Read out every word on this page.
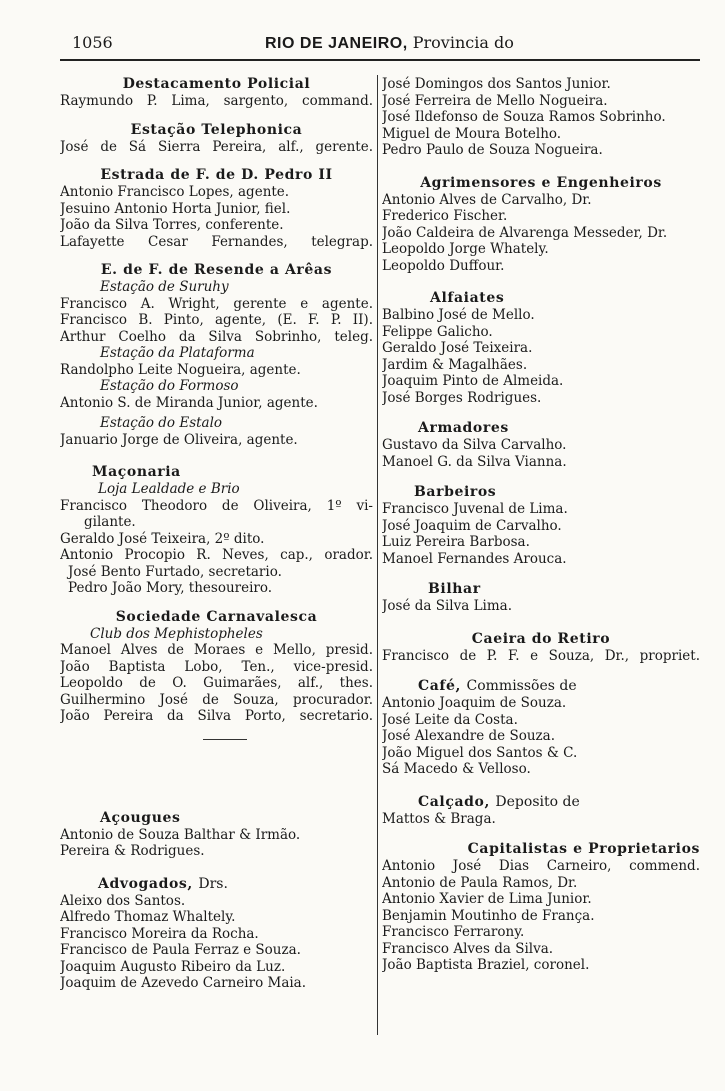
1056	RIO DE JANEIRO, Provincia do
Destacamento Policial
Raymundo P. Lima, sargento, command.
Estação Telephonica
José de Sá Sierra Pereira, alf., gerente.
Estrada de F. de D. Pedro II
Antonio Francisco Lopes, agente.
Jesuino Antonio Horta Junior, fiel.
João da Silva Torres, conferente.
Lafayette Cesar Fernandes, telegrap.
E. de F. de Resende a Arêas
Estação de Suruhy
Francisco A. Wright, gerente e agente.
Francisco B. Pinto, agente, (E. F. P. II).
Arthur Coelho da Silva Sobrinho, teleg.
Estação da Plataforma
Randolpho Leite Nogueira, agente.
Estação do Formoso
Antonio S. de Miranda Junior, agente.
Estação do Estalo
Januario Jorge de Oliveira, agente.
Maçonaria
Loja Lealdade e Brio
Francisco Theodoro de Oliveira, 1º vi-
gilante.
Geraldo José Teixeira, 2º dito.
Antonio Procopio R. Neves, cap., orador.
José Bento Furtado, secretario.
Pedro João Mory, thesoureiro.
Sociedade Carnavalesca
Club dos Mephistopheles
Manoel Alves de Moraes e Mello, presid.
João Baptista Lobo, Ten., vice-presid.
Leopoldo de O. Guimarães, alf., thes.
Guilhermino José de Souza, procurador.
João Pereira da Silva Porto, secretario.
Açougues
Antonio de Souza Balthar & Irmão.
Pereira & Rodrigues.
Advogados, Drs.
Aleixo dos Santos.
Alfredo Thomaz Whaltely.
Francisco Moreira da Rocha.
Francisco de Paula Ferraz e Souza.
Joaquim Augusto Ribeiro da Luz.
Joaquim de Azevedo Carneiro Maia.
José Domingos dos Santos Junior.
José Ferreira de Mello Nogueira.
José Ildefonso de Souza Ramos Sobrinho.
Miguel de Moura Botelho.
Pedro Paulo de Souza Nogueira.
Agrimensores e Engenheiros
Antonio Alves de Carvalho, Dr.
Frederico Fischer.
João Caldeira de Alvarenga Messeder, Dr.
Leopoldo Jorge Whately.
Leopoldo Duffour.
Alfaiates
Balbino José de Mello.
Felippe Galicho.
Geraldo José Teixeira.
Jardim & Magalhães.
Joaquim Pinto de Almeida.
José Borges Rodrigues.
Armadores
Gustavo da Silva Carvalho.
Manoel G. da Silva Vianna.
Barbeiros
Francisco Juvenal de Lima.
José Joaquim de Carvalho.
Luiz Pereira Barbosa.
Manoel Fernandes Arouca.
Bilhar
José da Silva Lima.
Caeira do Retiro
Francisco de P. F. e Souza, Dr., propriet.
Café, Commissões de
Antonio Joaquim de Souza.
José Leite da Costa.
José Alexandre de Souza.
João Miguel dos Santos & C.
Sá Macedo & Velloso.
Calçado, Deposito de
Mattos & Braga.
Capitalistas e Proprietarios
Antonio José Dias Carneiro, commend.
Antonio de Paula Ramos, Dr.
Antonio Xavier de Lima Junior.
Benjamin Moutinho de França.
Francisco Ferrarony.
Francisco Alves da Silva.
João Baptista Braziel, coronel.
